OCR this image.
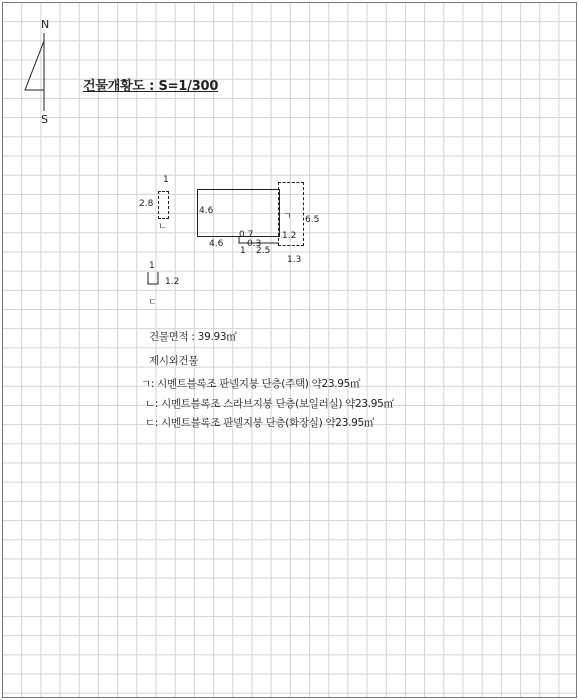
N
S
건물개황도 : S=1/300
1
2.8
ㄴ
4.6
4.6
0.7
0.3
1 2.5
ㄱ 6.5
1.2
1.3
1
1.2
ㄷ
건물면적 : 39.93㎡
제시외건물
ㄱ: 시멘트블록조 판넬지붕 단층(주택) 약23.95㎡
ㄴ: 시멘트블록조 스라브지붕 단층(보일러실) 약23.95㎡
ㄷ: 시멘트블록조 판넬지붕 단층(화장실) 약23.95㎡
